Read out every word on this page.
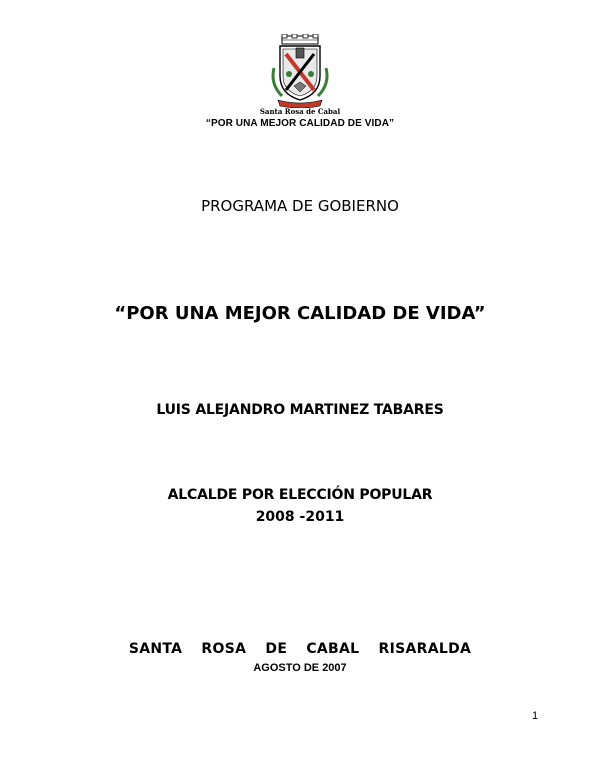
Santa Rosa de Cabal
“POR UNA MEJOR CALIDAD DE VIDA”
PROGRAMA DE GOBIERNO
“POR UNA MEJOR CALIDAD DE VIDA”
LUIS ALEJANDRO MARTINEZ TABARES
ALCALDE POR ELECCIÓN POPULAR
2008 -2011
SANTA ROSA DE CABAL RISARALDA
AGOSTO DE 2007
1
